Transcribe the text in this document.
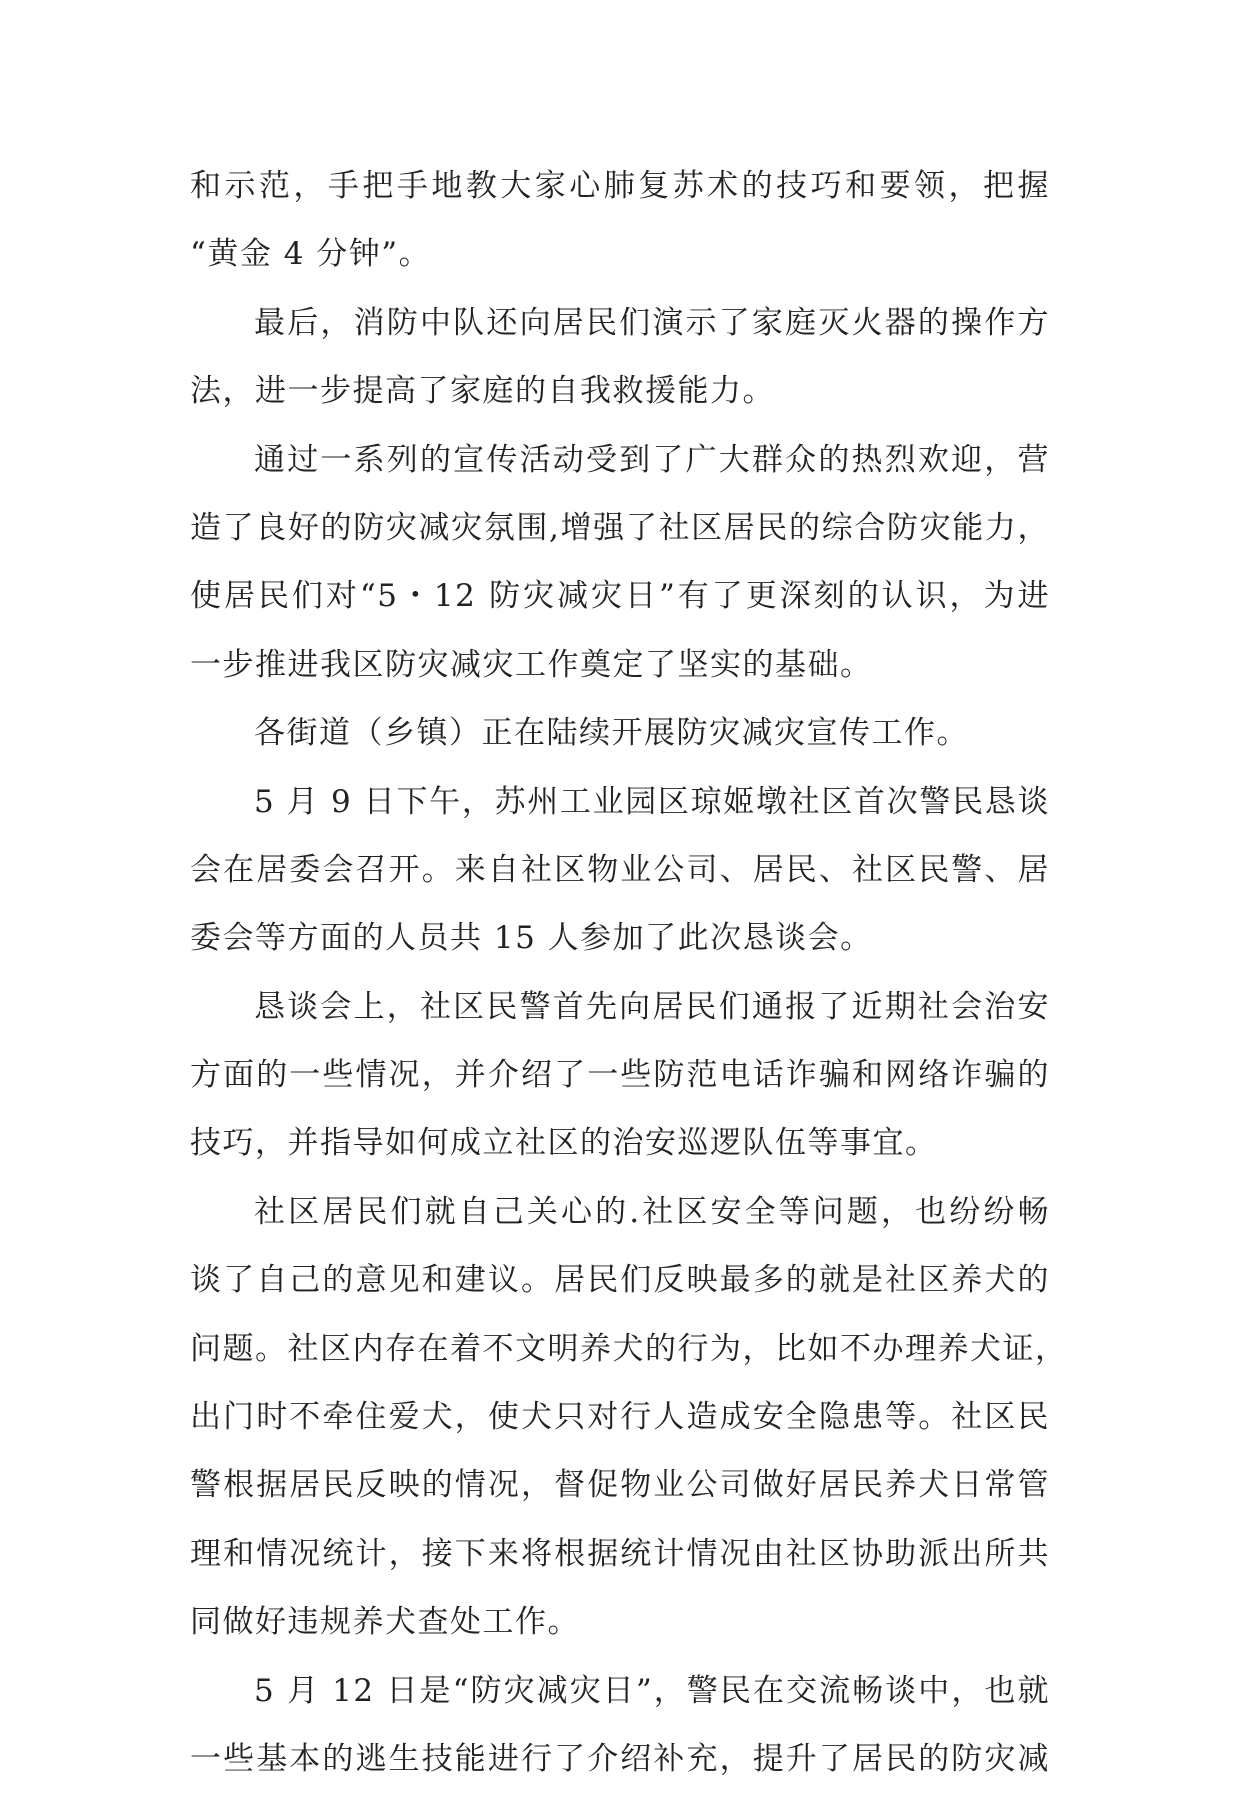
和示范，手把手地教大家心肺复苏术的技巧和要领，把握
“黄金 4 分钟”。
最后，消防中队还向居民们演示了家庭灭火器的操作方
法，进一步提高了家庭的自我救援能力。
通过一系列的宣传活动受到了广大群众的热烈欢迎，营
造了良好的防灾减灾氛围,增强了社区居民的综合防灾能力，
使居民们对“5・12 防灾减灾日”有了更深刻的认识，为进
一步推进我区防灾减灾工作奠定了坚实的基础。
各街道（乡镇）正在陆续开展防灾减灾宣传工作。
5 月 9 日下午，苏州工业园区琼姬墩社区首次警民恳谈
会在居委会召开。来自社区物业公司、居民、社区民警、居
委会等方面的人员共 15 人参加了此次恳谈会。
恳谈会上，社区民警首先向居民们通报了近期社会治安
方面的一些情况，并介绍了一些防范电话诈骗和网络诈骗的
技巧，并指导如何成立社区的治安巡逻队伍等事宜。
社区居民们就自己关心的.社区安全等问题，也纷纷畅
谈了自己的意见和建议。居民们反映最多的就是社区养犬的
问题。社区内存在着不文明养犬的行为，比如不办理养犬证，
出门时不牵住爱犬，使犬只对行人造成安全隐患等。社区民
警根据居民反映的情况，督促物业公司做好居民养犬日常管
理和情况统计，接下来将根据统计情况由社区协助派出所共
同做好违规养犬查处工作。
5 月 12 日是“防灾减灾日”，警民在交流畅谈中，也就
一些基本的逃生技能进行了介绍补充，提升了居民的防灾减
